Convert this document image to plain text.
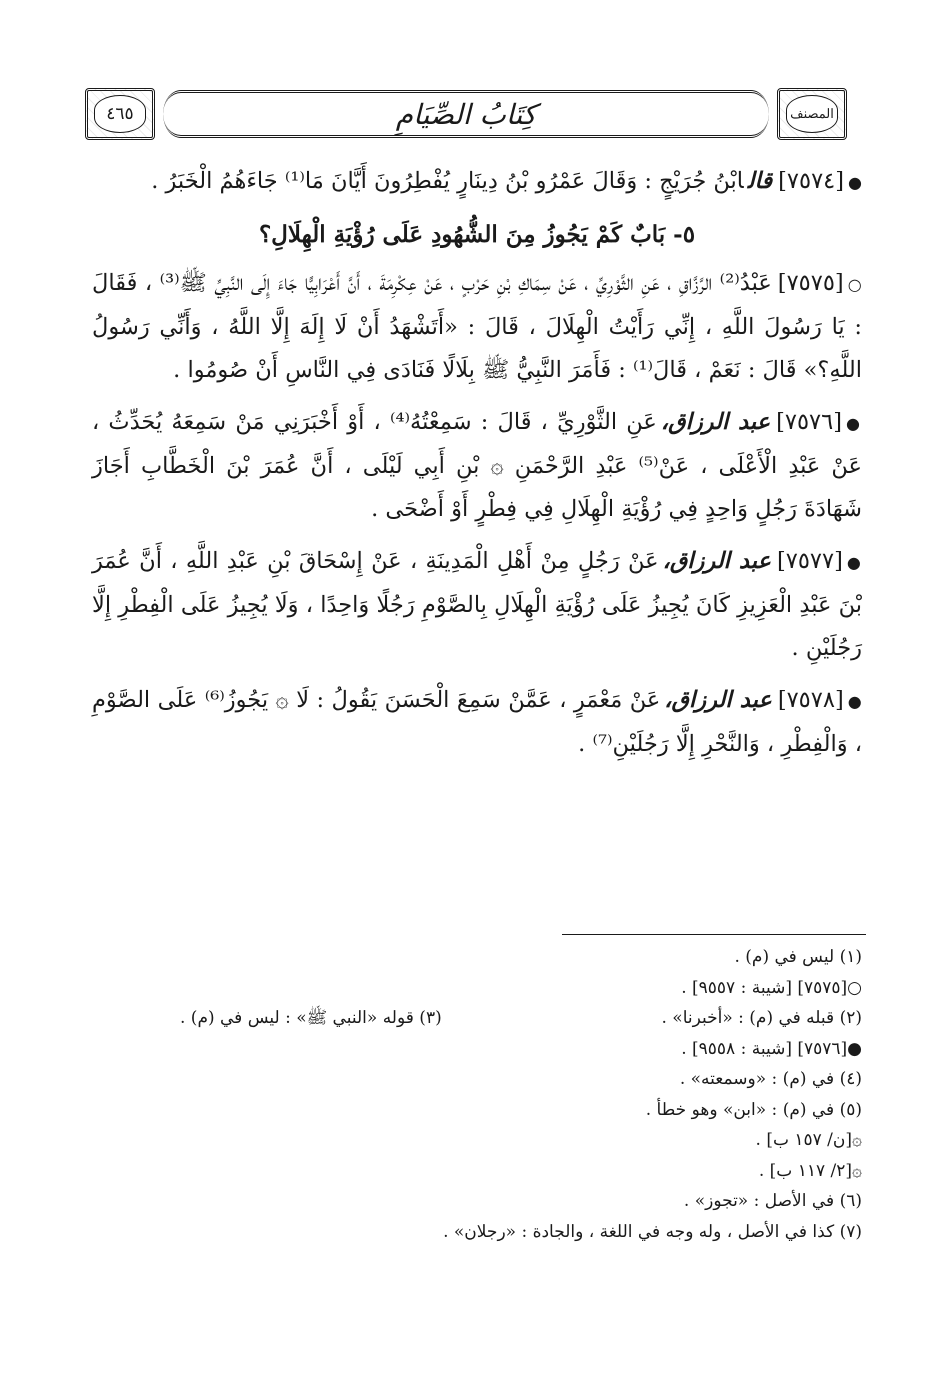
٤٦٥	كِتَابُ الصِّيَامِ	المصنف

●[٧٥٧٤]قالابْنُ جُرَيْجٍ : وَقَالَ عَمْرُو بْنُ دِينَارٍ يُفْطِرُونَ أَيَّانَ مَا⁽¹⁾ جَاءَهُمُ الْخَبَرُ .

٥- بَابٌ كَمْ يَجُوزُ مِنَ الشُّهُودِ عَلَى رُؤْيَةِ الْهِلَالِ؟

○[٧٥٧٥]عَبْدُ⁽²⁾ الرَّزَّاقِ ، عَنِ الثَّوْرِيِّ ، عَنْ سِمَاكِ بْنِ حَرْبٍ ، عَنْ عِكْرِمَةَ ، أَنَّ أَعْرَابِيًّا جَاءَ إِلَى النَّبِيِّ ﷺ⁽³⁾ ، فَقَالَ : يَا رَسُولَ اللَّهِ ، إِنِّي رَأَيْتُ الْهِلَالَ ، قَالَ : «أَتَشْهَدُ أَنْ لَا إِلَهَ إِلَّا اللَّهُ ، وَأَنِّي رَسُولُ اللَّهِ؟» قَالَ : نَعَمْ ، قَالَ⁽¹⁾ : فَأَمَرَ النَّبِيُّ ﷺ بِلَالًا فَنَادَى فِي النَّاسِ أَنْ صُومُوا .

●[٧٥٧٦]عبد الرزاق،عَنِ الثَّوْرِيِّ ، قَالَ : سَمِعْتُهُ⁽⁴⁾ ، أَوْ أَخْبَرَنِي مَنْ سَمِعَهُ يُحَدِّثُ ، عَنْ عَبْدِ الْأَعْلَى ، عَنْ⁽⁵⁾ عَبْدِ الرَّحْمَنِ ۞ بْنِ أَبِي لَيْلَى ، أَنَّ عُمَرَ بْنَ الْخَطَّابِ أَجَازَ شَهَادَةَ رَجُلٍ وَاحِدٍ فِي رُؤْيَةِ الْهِلَالِ فِي فِطْرٍ أَوْ أَضْحَى .

●[٧٥٧٧]عبد الرزاق،عَنْ رَجُلٍ مِنْ أَهْلِ الْمَدِينَةِ ، عَنْ إِسْحَاقَ بْنِ عَبْدِ اللَّهِ ، أَنَّ عُمَرَ بْنَ عَبْدِ الْعَزِيزِ كَانَ يُجِيزُ عَلَى رُؤْيَةِ الْهِلَالِ بِالصَّوْمِ رَجُلًا وَاحِدًا ، وَلَا يُجِيزُ عَلَى الْفِطْرِ إِلَّا رَجُلَيْنِ .

●[٧٥٧٨]عبد الرزاق،عَنْ مَعْمَرٍ ، عَمَّنْ سَمِعَ الْحَسَنَ يَقُولُ : لَا ۞ يَجُوزُ⁽⁶⁾ عَلَى الصَّوْمِ ، وَالْفِطْرِ ، وَالنَّحْرِ إِلَّا رَجُلَيْنِ⁽⁷⁾ .

(١) ليس في (م) .

○[٧٥٧٥] [شيبة : ٩٥٥٧] .

(٢) قبله في (م) : «أخبرنا» .
(٣) قوله «النبي ﷺ» : ليس في (م) .

●[٧٥٧٦] [شيبة : ٩٥٥٨] .

(٤) في (م) : «وسمعته» .

(٥) في (م) : «ابن» وهو خطأ .

۞[ن/ ١٥٧ ب] .

۞[٢/ ١١٧ ب] .

(٦) في الأصل : «تجوز» .

(٧) كذا في الأصل ، وله وجه في اللغة ، والجادة : «رجلان» .
